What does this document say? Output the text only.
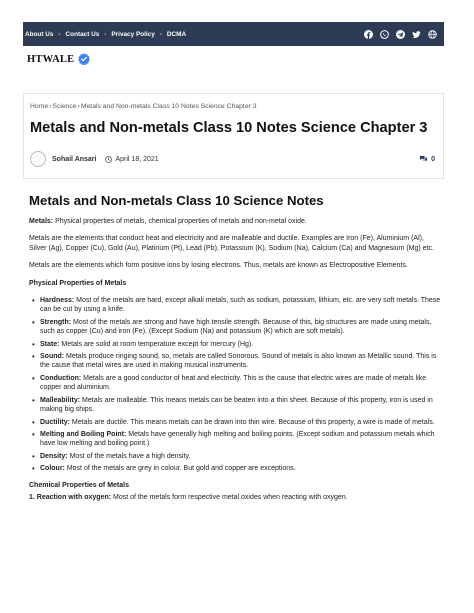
About Us - Contact Us - Privacy Policy - DCMA
HTWALE
Home›Science›Metals and Non-metals Class 10 Notes Science Chapter 3
Metals and Non-metals Class 10 Notes Science Chapter 3
Sohail Ansari	April 18, 2021	0
Metals and Non-metals Class 10 Science Notes

Metals: Physical properties of metals, chemical properties of metals and non-metal oxide.

Metals are the elements that conduct heat and electricity and are malleable and ductile. Examples are Iron (Fe), Aluminium (Al), Silver (Ag), Copper (Cu), Gold (Au), Platinum (Pt), Lead (Pb), Potassium (K), Sodium (Na), Calcium (Ca) and Magnesium (Mg) etc.

Metals are the elements which form positive ions by losing electrons. Thus, metals are known as Electropositive Elements.

Physical Properties of Metals

• Hardness: Most of the metals are hard, except alkali metals, such as sodium, potassium, lithium, etc. are very soft metals. These can be cut by using a knife.
• Strength: Most of the metals are strong and have high tensile strength. Because of this, big structures are made using metals, such as copper (Cu) and iron (Fe). (Except Sodium (Na) and potassium (K) which are soft metals).
• State: Metals are solid at room temperature except for mercury (Hg).
• Sound: Metals produce ringing sound, so, metals are called Sonorous. Sound of metals is also known as Metallic sound. This is the cause that metal wires are used in making musical instruments.
• Conduction: Metals are a good conductor of heat and electricity. This is the cause that electric wires are made of metals like copper and aluminium.
• Malleability: Metals are malleable. This means metals can be beaten into a thin sheet. Because of this property, iron is used in making big ships.
• Ductility: Metals are ductile. This means metals can be drawn into thin wire. Because of this property, a wire is made of metals.
• Melting and Boiling Point: Metals have generally high melting and boiling points. (Except sodium and potassium metals which have low melting and boiling point.)
• Density: Most of the metals have a high density.
• Colour: Most of the metals are grey in colour. But gold and copper are exceptions.

Chemical Properties of Metals

1. Reaction with oxygen: Most of the metals form respective metal oxides when reacting with oxygen.
